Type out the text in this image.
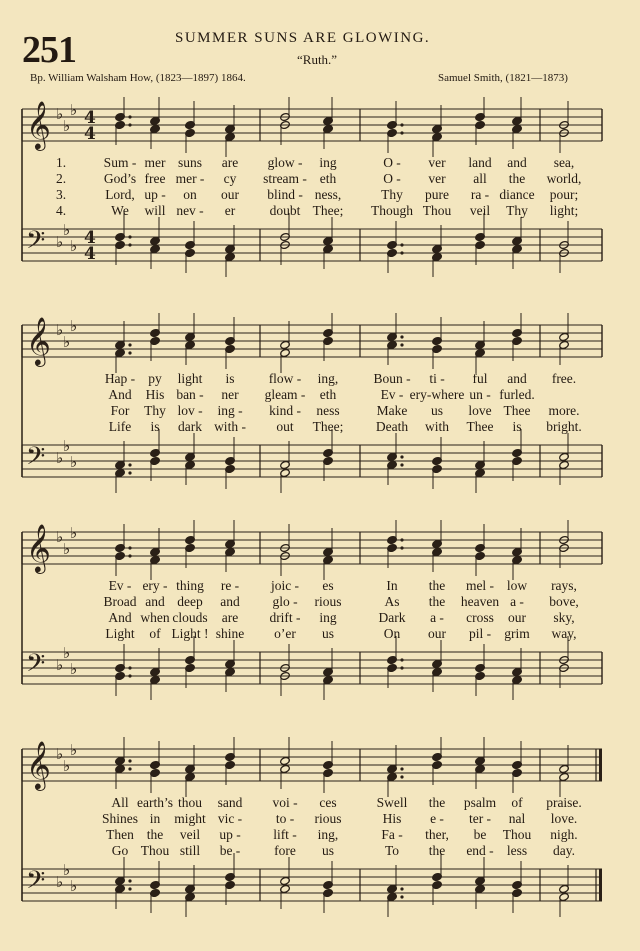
251	SUMMER SUNS ARE GLOWING.
“Ruth.”
Bp. William Walsham How, (1823—1897) 1864.	Samuel Smith, (1821—1873)
𝄞 ♭
♭
♭ 4
4
𝄢 ♭
♭
♭ 4
4
1.	Sum - mer suns are glow - ing	O - ver land and sea,
2.	God’s free mer - cy stream - eth	O - ver all the world,
3.	Lord, up - on our blind - ness,	Thy pure ra - diance pour;
4.	We will nev - er	doubt Thee; Though Thou veil Thy light;
𝄞 ♭
♭
♭
𝄢 ♭
♭
♭
Hap - py light is	flow - ing,	Boun - ti - ful and free.
And His ban - ner gleam - eth	Ev - ery-where un - furled.
For Thy lov - ing - kind - ness	Make us love Thee more.
Life is dark with - out Thee; Death with Thee is bright.
𝄞 ♭
♭
♭
𝄢 ♭
♭
♭
Ev - ery - thing re - joic - es	In the mel - low rays,
Broad and deep and glo - rious	As the heaven a - bove,
And when clouds are drift - ing	Dark a - cross our sky,
Light of Light ! shine o’er us	On our pil - grim way,
𝄞 ♭
♭
♭
𝄢 ♭
♭
♭
All earth’s thou sand voi - ces	Swell the psalm of praise.
Shines in might vic - to - rious	His e - ter - nal love.
Then the veil up - lift - ing,	Fa - ther, be Thou nigh.
Go Thou still be -	fore us	To the end - less day.
